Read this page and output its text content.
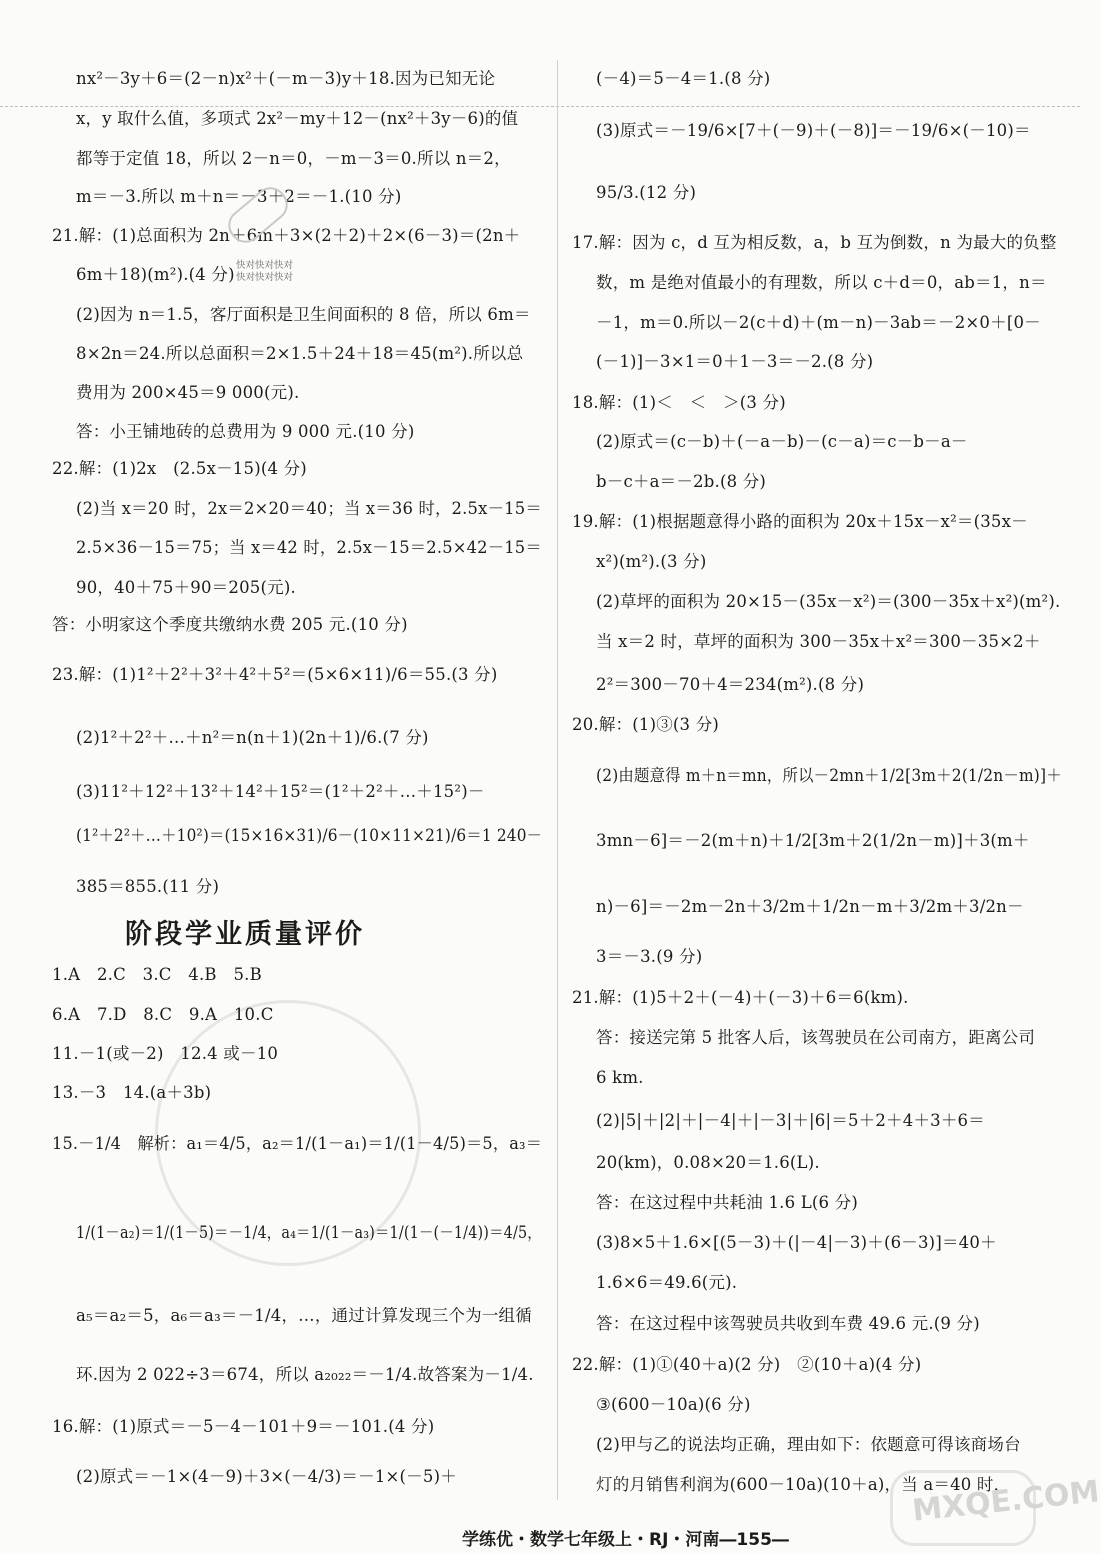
nx²－3y＋6＝(2－n)x²＋(－m－3)y＋18.因为已知无论
x，y 取什么值，多项式 2x²－my＋12－(nx²＋3y－6)的值
都等于定值 18，所以 2－n＝0，－m－3＝0.所以 n＝2，
m＝－3.所以 m＋n＝－3＋2＝－1.(10 分)
21.解：(1)总面积为 2n＋6m＋3×(2＋2)＋2×(6－3)＝(2n＋
6m＋18)(m²).(4 分)
(2)因为 n＝1.5，客厅面积是卫生间面积的 8 倍，所以 6m＝
8×2n＝24.所以总面积＝2×1.5＋24＋18＝45(m²).所以总
费用为 200×45＝9 000(元).
答：小王铺地砖的总费用为 9 000 元.(10 分)
22.解：(1)2x　(2.5x－15)(4 分)
(2)当 x＝20 时，2x＝2×20＝40；当 x＝36 时，2.5x－15＝
2.5×36－15＝75；当 x＝42 时，2.5x－15＝2.5×42－15＝
90，40＋75＋90＝205(元).
答：小明家这个季度共缴纳水费 205 元.(10 分)
23.解：(1)1²＋2²＋3²＋4²＋5²＝(5×6×11)/6＝55.(3 分)
(2)1²＋2²＋…＋n²＝n(n＋1)(2n＋1)/6.(7 分)
(3)11²＋12²＋13²＋14²＋15²＝(1²＋2²＋…＋15²)－
(1²＋2²＋…＋10²)＝(15×16×31)/6－(10×11×21)/6＝1 240－
385＝855.(11 分)
1.A　2.C　3.C　4.B　5.B
6.A　7.D　8.C　9.A　10.C
11.－1(或－2)　12.4 或－10
13.－3　14.(a＋3b)
15.－1/4　解析：a₁＝4/5，a₂＝1/(1－a₁)＝1/(1－4/5)＝5，a₃＝
1/(1－a₂)＝1/(1－5)＝－1/4，a₄＝1/(1－a₃)＝1/(1－(－1/4))＝4/5，
a₅＝a₂＝5，a₆＝a₃＝－1/4，…，通过计算发现三个为一组循
环.因为 2 022÷3＝674，所以 a₂₀₂₂＝－1/4.故答案为－1/4.
16.解：(1)原式＝－5－4－101＋9＝－101.(4 分)
(2)原式＝－1×(4－9)＋3×(－4/3)＝－1×(－5)＋
(－4)＝5－4＝1.(8 分)
(3)原式＝－19/6×[7＋(－9)＋(－8)]＝－19/6×(－10)＝
95/3.(12 分)
17.解：因为 c，d 互为相反数，a，b 互为倒数，n 为最大的负整
数，m 是绝对值最小的有理数，所以 c＋d＝0，ab＝1，n＝
－1，m＝0.所以－2(c＋d)＋(m－n)－3ab＝－2×0＋[0－
(－1)]－3×1＝0＋1－3＝－2.(8 分)
18.解：(1)＜　＜　＞(3 分)
(2)原式＝(c－b)＋(－a－b)－(c－a)＝c－b－a－
b－c＋a＝－2b.(8 分)
19.解：(1)根据题意得小路的面积为 20x＋15x－x²＝(35x－
x²)(m²).(3 分)
(2)草坪的面积为 20×15－(35x－x²)＝(300－35x＋x²)(m²).
当 x＝2 时，草坪的面积为 300－35x＋x²＝300－35×2＋
2²＝300－70＋4＝234(m²).(8 分)
20.解：(1)③(3 分)
(2)由题意得 m＋n＝mn，所以－2mn＋1/2[3m＋2(1/2n－m)]＋
3mn－6]＝－2(m＋n)＋1/2[3m＋2(1/2n－m)]＋3(m＋
n)－6]＝－2m－2n＋3/2m＋1/2n－m＋3/2m＋3/2n－
3＝－3.(9 分)
21.解：(1)5＋2＋(－4)＋(－3)＋6＝6(km).
答：接送完第 5 批客人后，该驾驶员在公司南方，距离公司
6 km.
(2)|5|＋|2|＋|－4|＋|－3|＋|6|＝5＋2＋4＋3＋6＝
20(km)，0.08×20＝1.6(L).
答：在这过程中共耗油 1.6 L(6 分)
(3)8×5＋1.6×[(5－3)＋(|－4|－3)＋(6－3)]＝40＋
1.6×6＝49.6(元).
答：在这过程中该驾驶员共收到车费 49.6 元.(9 分)
22.解：(1)①(40＋a)(2 分)　②(10＋a)(4 分)
③(600－10a)(6 分)
(2)甲与乙的说法均正确，理由如下：依题意可得该商场台
灯的月销售利润为(600－10a)(10＋a)，当 a＝40 时，
阶段学业质量评价
快对快对快对
快对快对快对
MXQE.COM
学练优・数学七年级上・RJ・河南―155―
